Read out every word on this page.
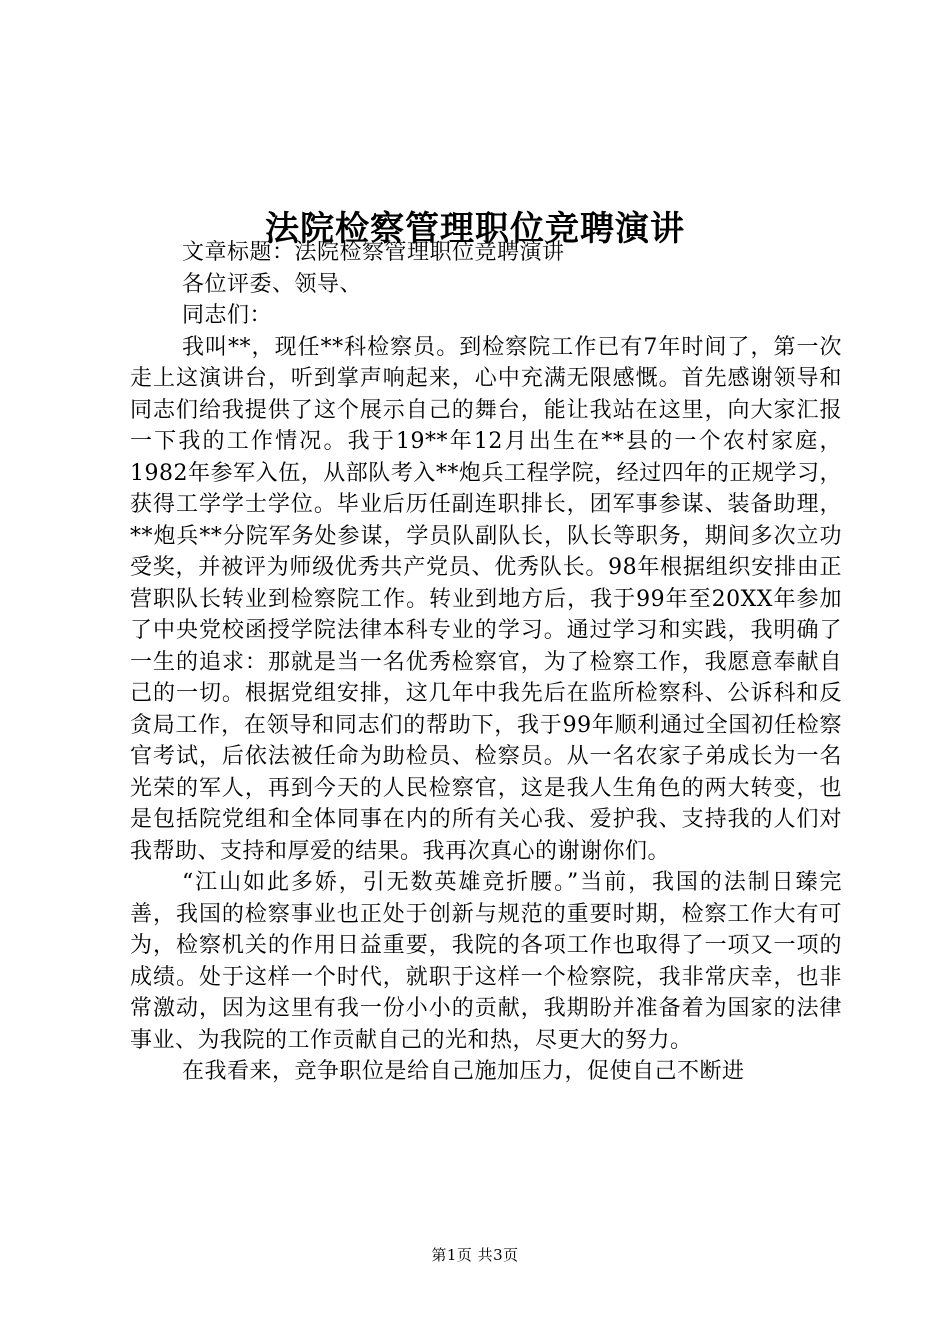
法院检察管理职位竞聘演讲

文章标题：法院检察管理职位竞聘演讲

各位评委、领导、

同志们：

我叫**，现任**科检察员。到检察院工作已有7年时间了，第一次走上这演讲台，听到掌声响起来，心中充满无限感慨。首先感谢领导和同志们给我提供了这个展示自己的舞台，能让我站在这里，向大家汇报一下我的工作情况。我于19**年12月出生在**县的一个农村家庭，1982年参军入伍，从部队考入**炮兵工程学院，经过四年的正规学习，获得工学学士学位。毕业后历任副连职排长，团军事参谋、装备助理，**炮兵**分院军务处参谋，学员队副队长，队长等职务，期间多次立功受奖，并被评为师级优秀共产党员、优秀队长。98年根据组织安排由正营职队长转业到检察院工作。转业到地方后，我于99年至20XX年参加了中央党校函授学院法律本科专业的学习。通过学习和实践，我明确了一生的追求：那就是当一名优秀检察官，为了检察工作，我愿意奉献自己的一切。根据党组安排，这几年中我先后在监所检察科、公诉科和反贪局工作，在领导和同志们的帮助下，我于99年顺利通过全国初任检察官考试，后依法被任命为助检员、检察员。从一名农家子弟成长为一名光荣的军人，再到今天的人民检察官，这是我人生角色的两大转变，也是包括院党组和全体同事在内的所有关心我、爱护我、支持我的人们对我帮助、支持和厚爱的结果。我再次真心的谢谢你们。

“江山如此多娇，引无数英雄竞折腰。”当前，我国的法制日臻完善，我国的检察事业也正处于创新与规范的重要时期，检察工作大有可为，检察机关的作用日益重要，我院的各项工作也取得了一项又一项的成绩。处于这样一个时代，就职于这样一个检察院，我非常庆幸，也非常激动，因为这里有我一份小小的贡献，我期盼并准备着为国家的法律事业、为我院的工作贡献自己的光和热，尽更大的努力。

在我看来，竞争职位是给自己施加压力，促使自己不断进

第1页 共3页
